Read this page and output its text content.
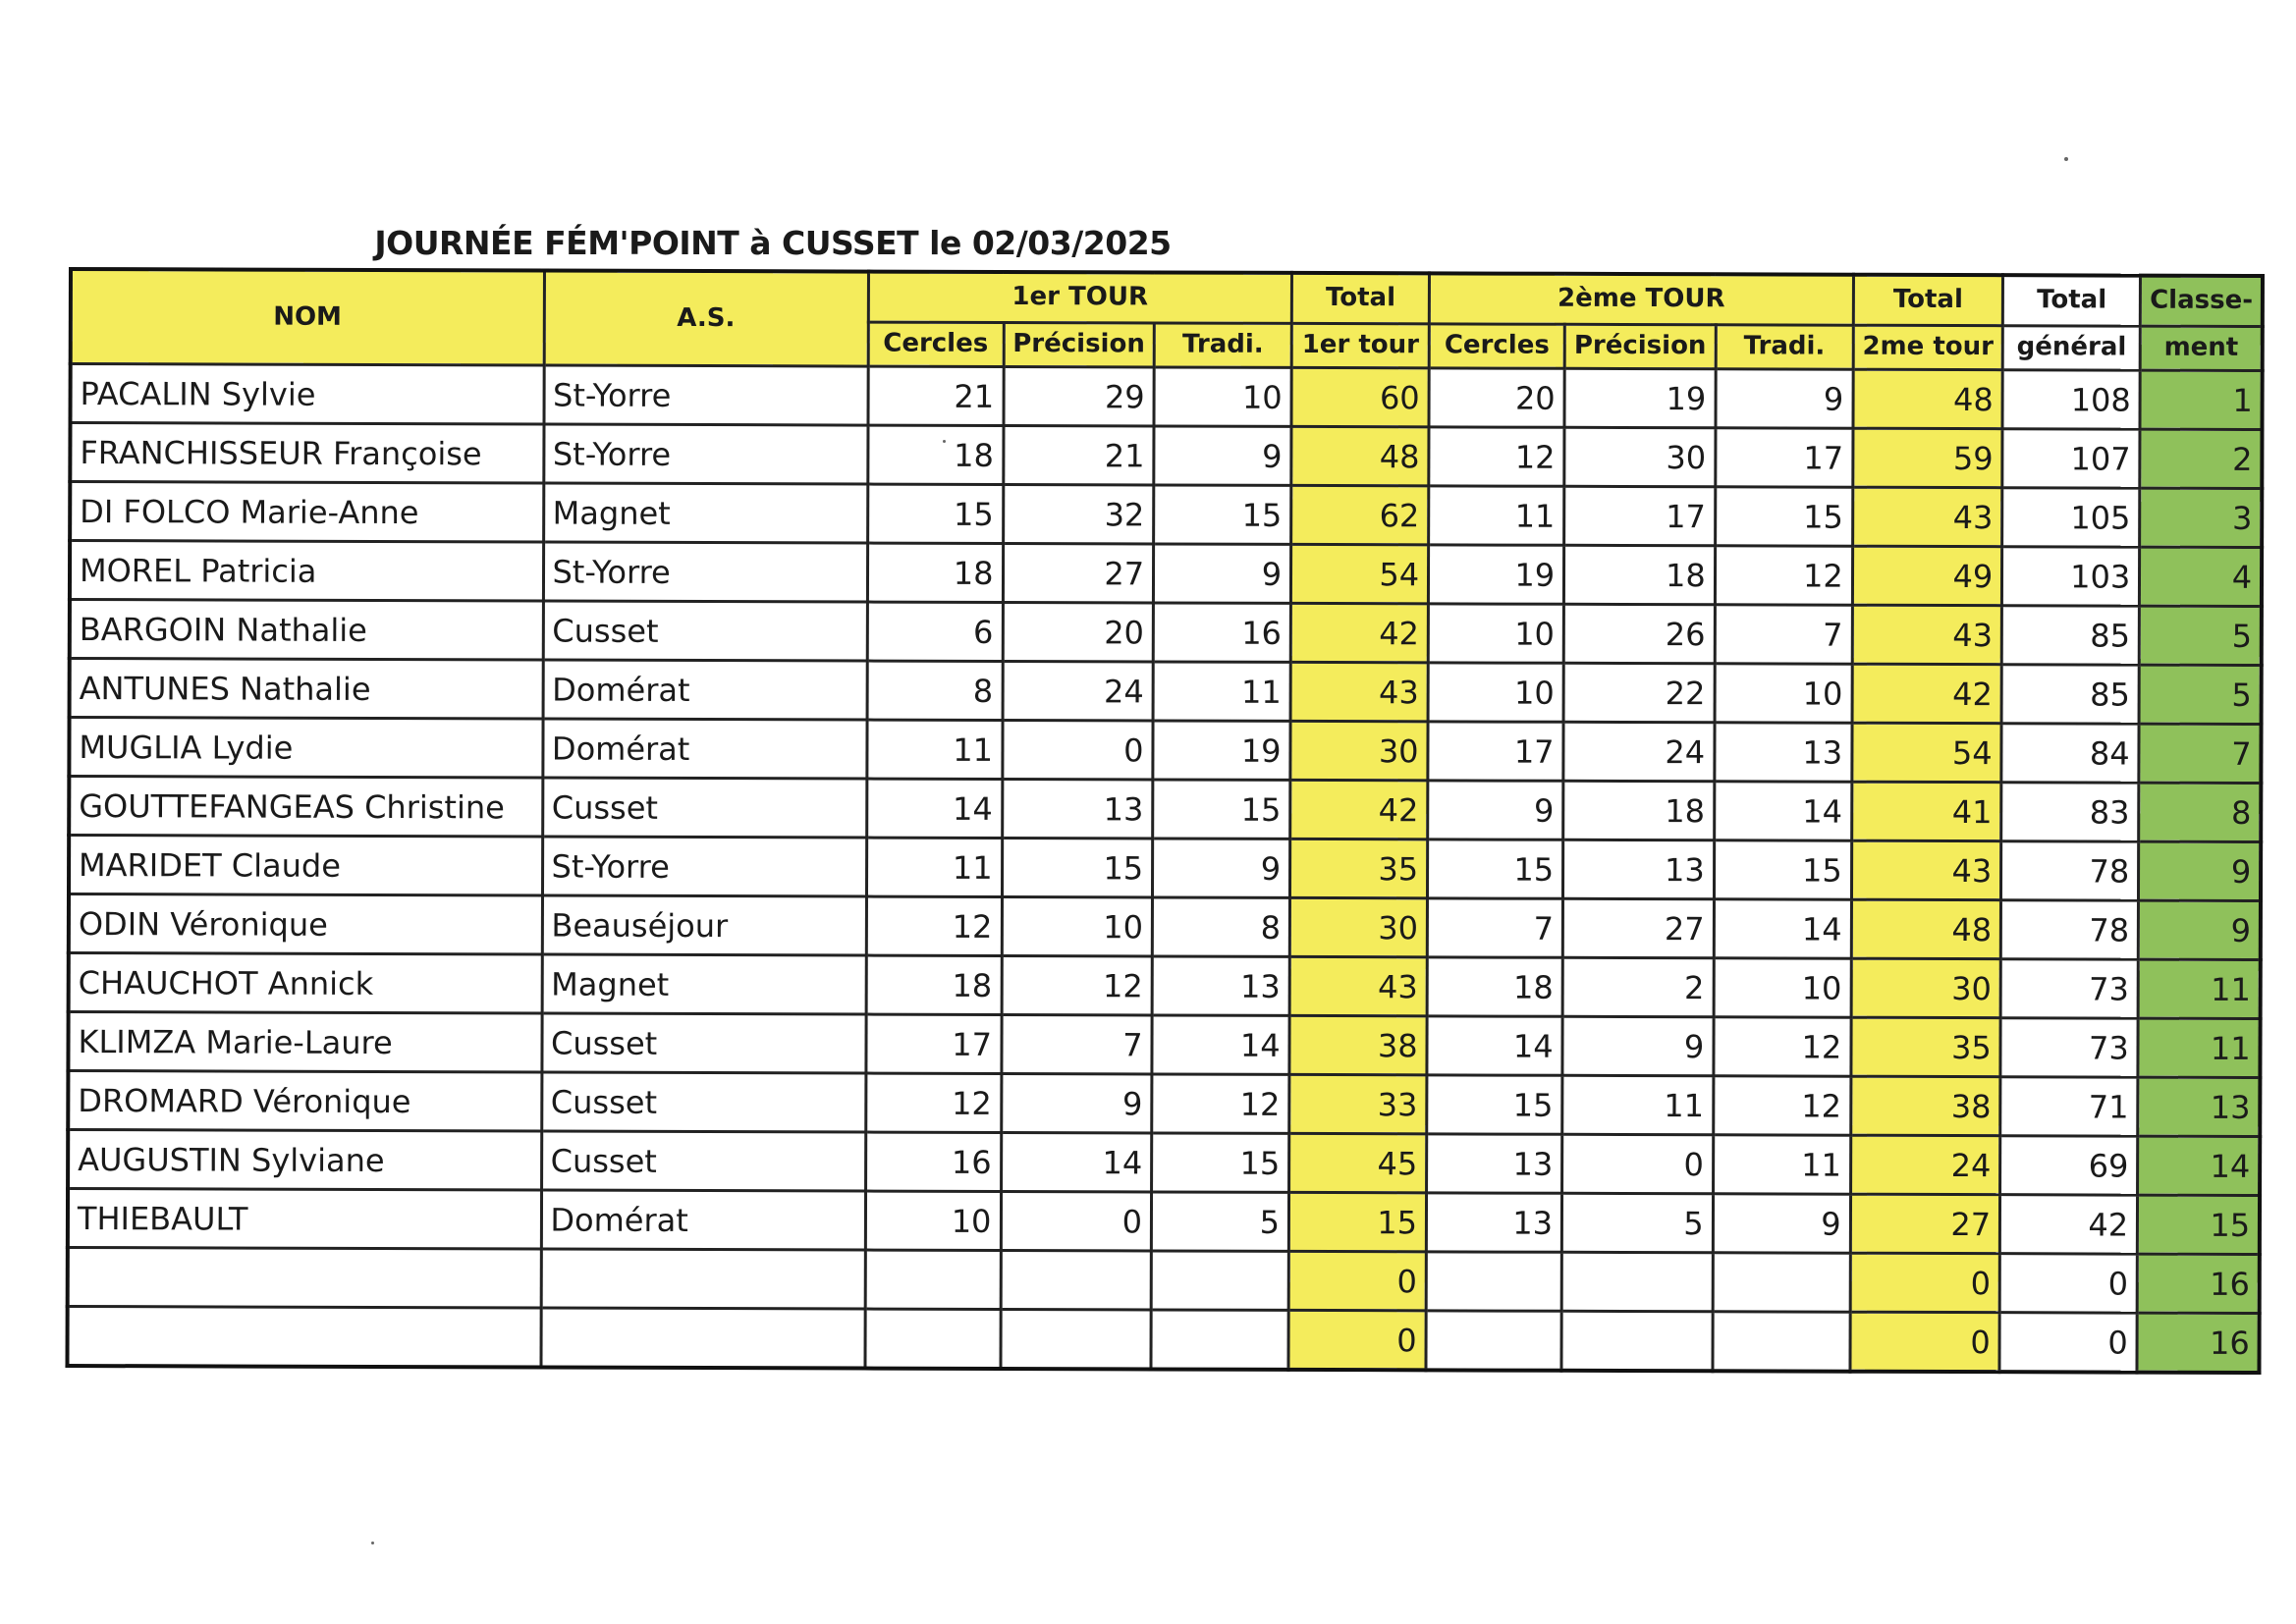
JOURNÉE FÉM'POINT à CUSSET le 02/03/2025
NOM	A.S.	1er TOUR			Total	2ème TOUR			Total	Total	Classe-
		Cercles	Précision	Tradi.	1er tour	Cercles	Précision	Tradi.	2me tour	général	ment
PACALIN Sylvie	St-Yorre	21	29	10	60	20	19	9	48	108	1
FRANCHISSEUR Françoise	St-Yorre	18	21	9	48	12	30	17	59	107	2
DI FOLCO Marie-Anne	Magnet	15	32	15	62	11	17	15	43	105	3
MOREL Patricia	St-Yorre	18	27	9	54	19	18	12	49	103	4
BARGOIN Nathalie	Cusset	6	20	16	42	10	26	7	43	85	5
ANTUNES Nathalie	Domérat	8	24	11	43	10	22	10	42	85	5
MUGLIA Lydie	Domérat	11	0	19	30	17	24	13	54	84	7
GOUTTEFANGEAS Christine	Cusset	14	13	15	42	9	18	14	41	83	8
MARIDET Claude	St-Yorre	11	15	9	35	15	13	15	43	78	9
ODIN Véronique	Beauséjour	12	10	8	30	7	27	14	48	78	9
CHAUCHOT Annick	Magnet	18	12	13	43	18	2	10	30	73	11
KLIMZA Marie-Laure	Cusset	17	7	14	38	14	9	12	35	73	11
DROMARD Véronique	Cusset	12	9	12	33	15	11	12	38	71	13
AUGUSTIN Sylviane	Cusset	16	14	15	45	13	0	11	24	69	14
THIEBAULT	Domérat	10	0	5	15	13	5	9	27	42	15
					0				0	0	16
					0				0	0	16
